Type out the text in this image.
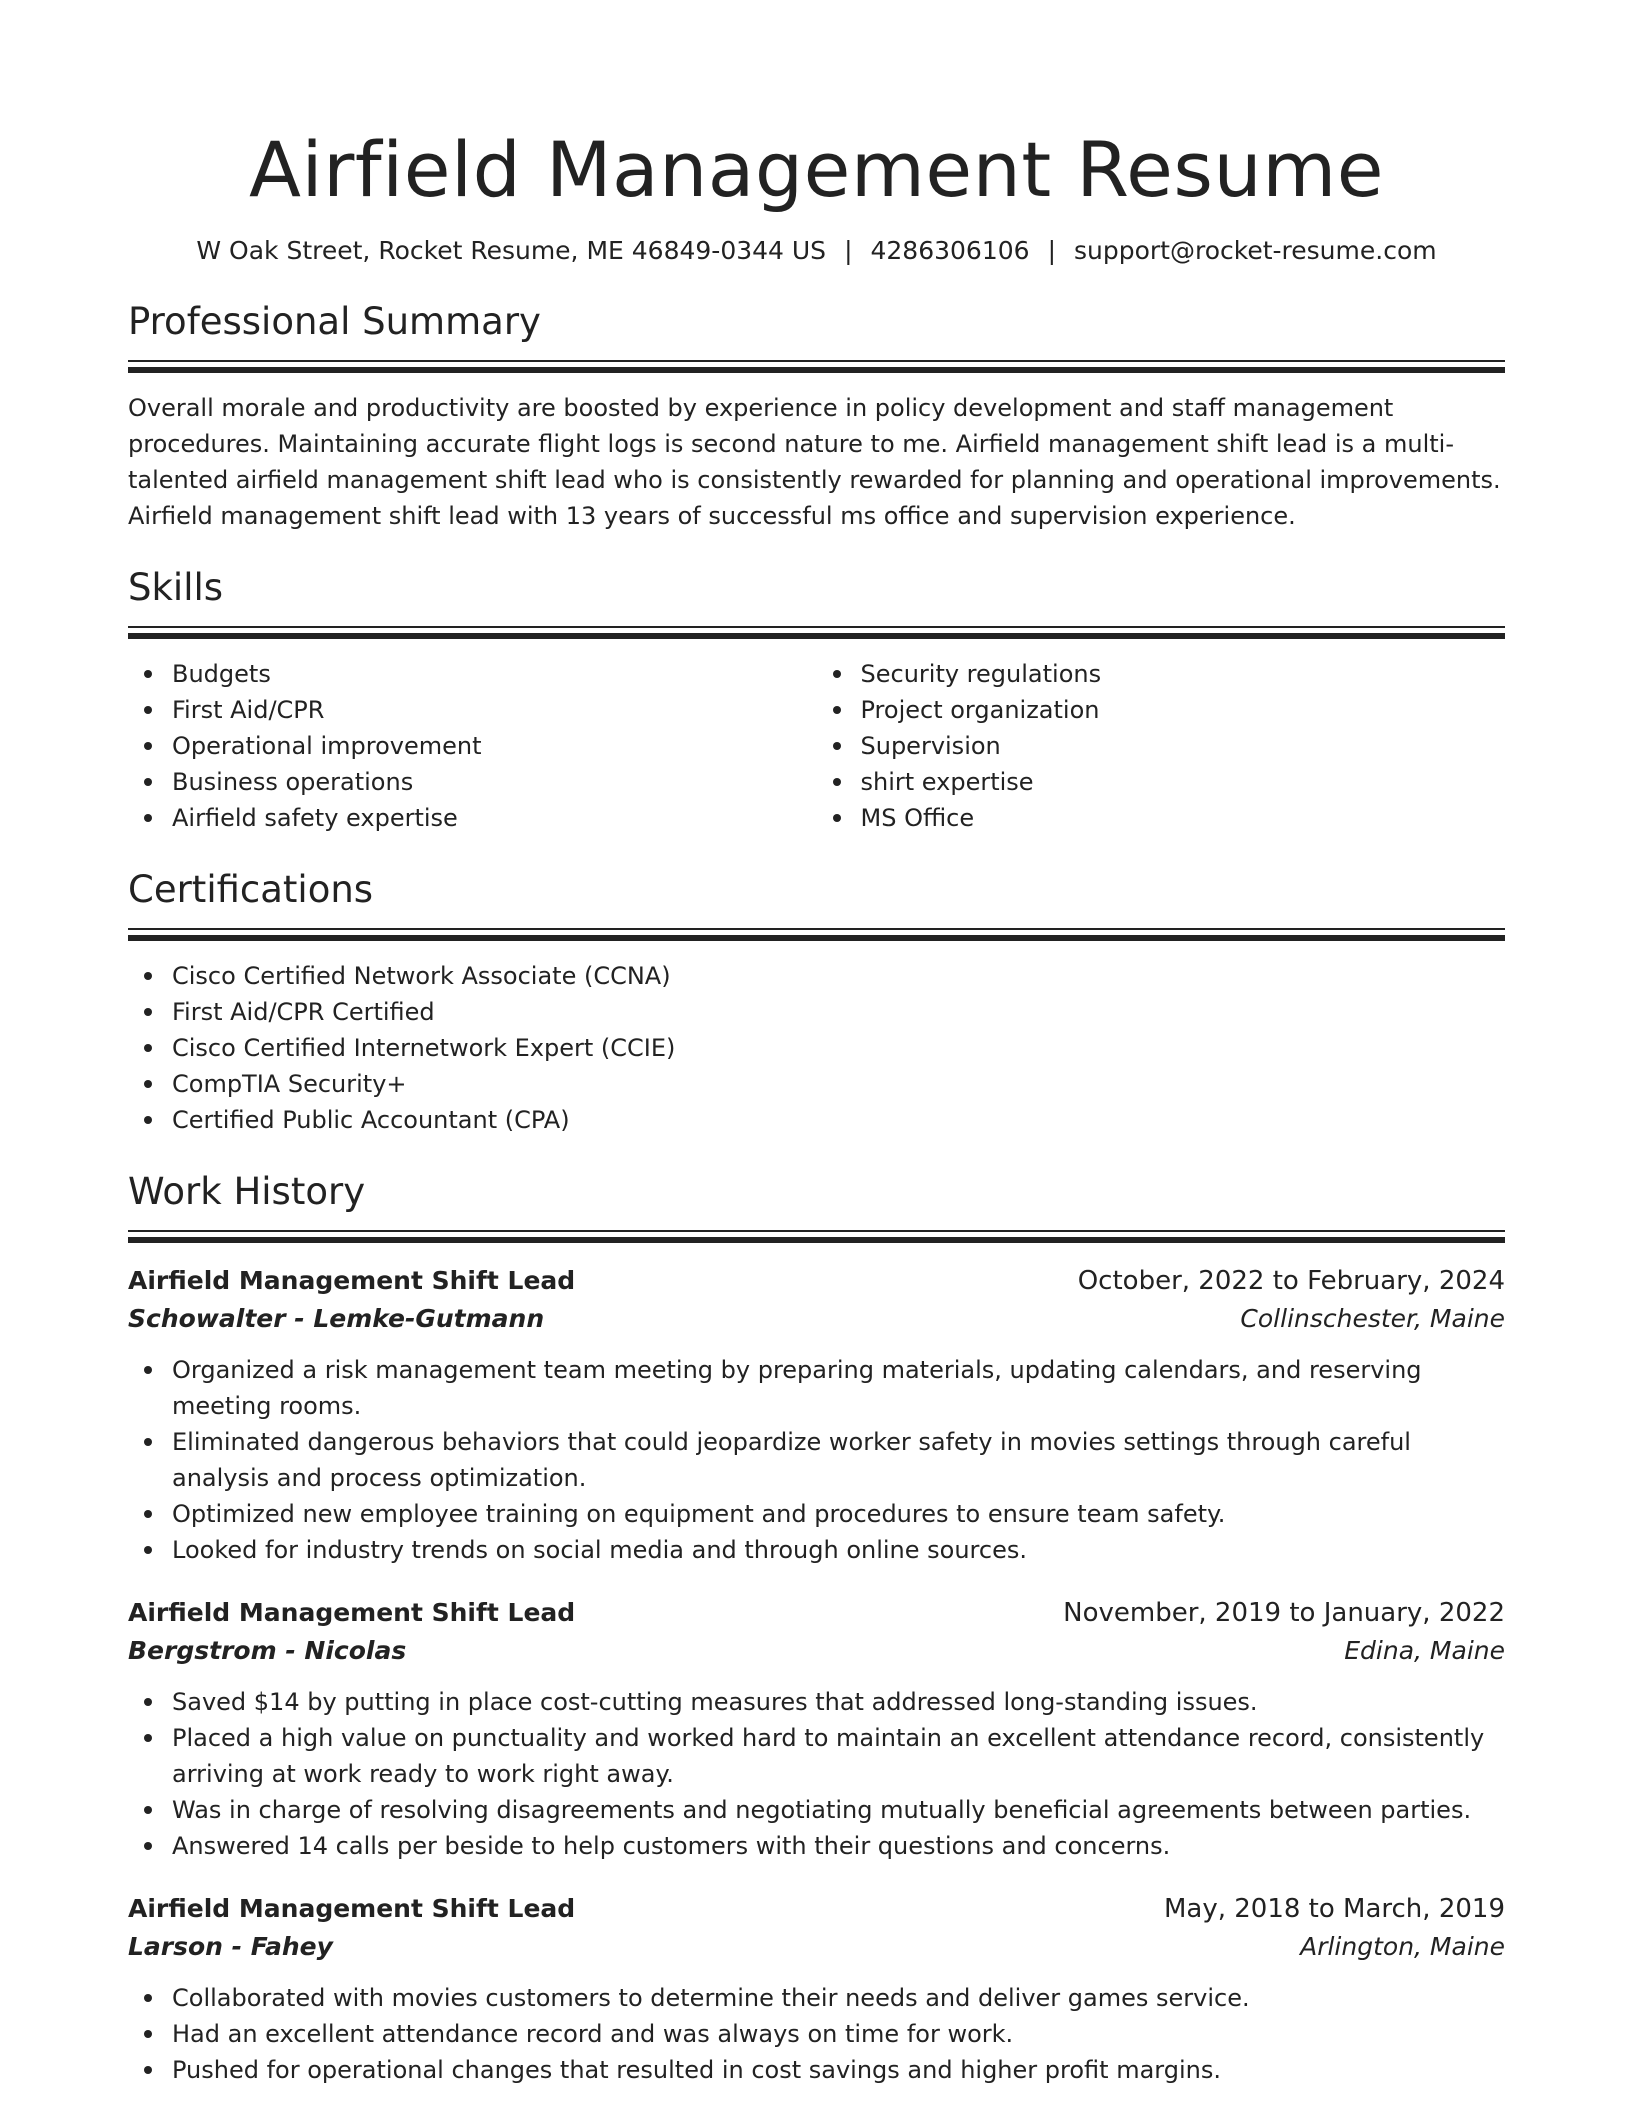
Airfield Management Resume
W Oak Street, Rocket Resume, ME 46849-0344 US | 4286306106 | support@rocket-resume.com
Professional Summary

Overall morale and productivity are boosted by experience in policy development and staff management procedures. Maintaining accurate flight logs is second nature to me. Airfield management shift lead is a multi-talented airfield management shift lead who is consistently rewarded for planning and operational improvements. Airfield management shift lead with 13 years of successful ms office and supervision experience.

Skills
Budgets
First Aid/CPR
Operational improvement
Business operations
Airfield safety expertise
Security regulations
Project organization
Supervision
shirt expertise
MS Office
Certifications
Cisco Certified Network Associate (CCNA)
First Aid/CPR Certified
Cisco Certified Internetwork Expert (CCIE)
CompTIA Security+
Certified Public Accountant (CPA)
Work History
Airfield Management Shift Lead	October, 2022 to February, 2024
Schowalter - Lemke-Gutmann	Collinschester, Maine
Organized a risk management team meeting by preparing materials, updating calendars, and reserving meeting rooms.
Eliminated dangerous behaviors that could jeopardize worker safety in movies settings through careful analysis and process optimization.
Optimized new employee training on equipment and procedures to ensure team safety.
Looked for industry trends on social media and through online sources.
Airfield Management Shift Lead	November, 2019 to January, 2022
Bergstrom - Nicolas	Edina, Maine
Saved $14 by putting in place cost-cutting measures that addressed long-standing issues.
Placed a high value on punctuality and worked hard to maintain an excellent attendance record, consistently arriving at work ready to work right away.
Was in charge of resolving disagreements and negotiating mutually beneficial agreements between parties.
Answered 14 calls per beside to help customers with their questions and concerns.
Airfield Management Shift Lead	May, 2018 to March, 2019
Larson - Fahey	Arlington, Maine
Collaborated with movies customers to determine their needs and deliver games service.
Had an excellent attendance record and was always on time for work.
Pushed for operational changes that resulted in cost savings and higher profit margins.
